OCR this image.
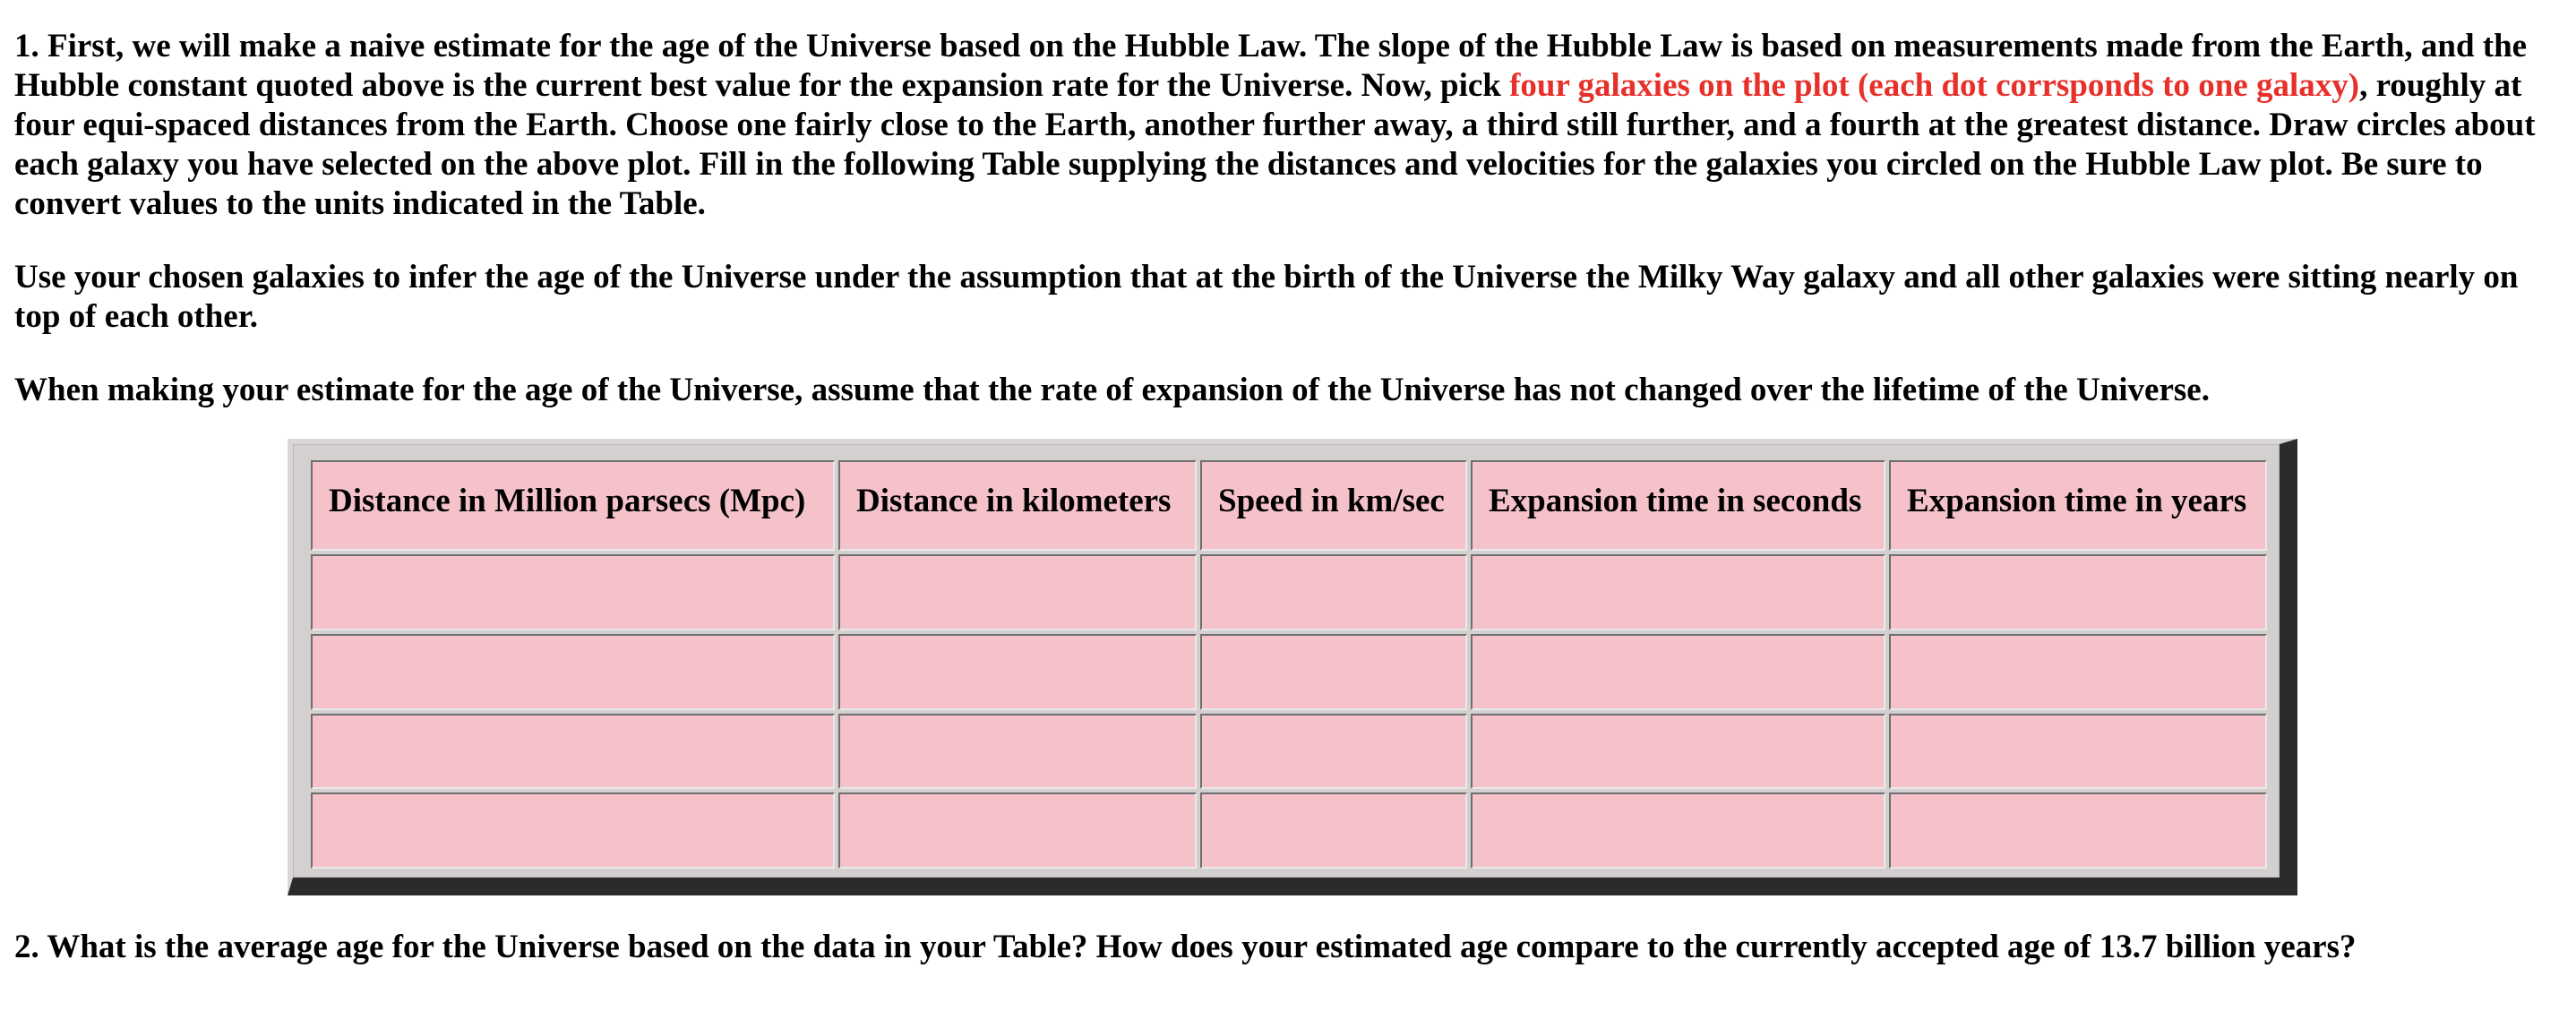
1. First, we will make a naive estimate for the age of the Universe based on the Hubble Law. The slope of the Hubble Law is based on measurements made from the Earth, and the Hubble constant quoted above is the current best value for the expansion rate for the Universe. Now, pick four galaxies on the plot (each dot corrsponds to one galaxy), roughly at four equi-spaced distances from the Earth. Choose one fairly close to the Earth, another further away, a third still further, and a fourth at the greatest distance. Draw circles about each galaxy you have selected on the above plot. Fill in the following Table supplying the distances and velocities for the galaxies you circled on the Hubble Law plot. Be sure to convert values to the units indicated in the Table.

Use your chosen galaxies to infer the age of the Universe under the assumption that at the birth of the Universe the Milky Way galaxy and all other galaxies were sitting nearly on top of each other.

When making your estimate for the age of the Universe, assume that the rate of expansion of the Universe has not changed over the lifetime of the Universe.

Distance in Million parsecs (Mpc)	Distance in kilometers	Speed in km/sec	Expansion time in seconds	Expansion time in years

2. What is the average age for the Universe based on the data in your Table? How does your estimated age compare to the currently accepted age of 13.7 billion years?
